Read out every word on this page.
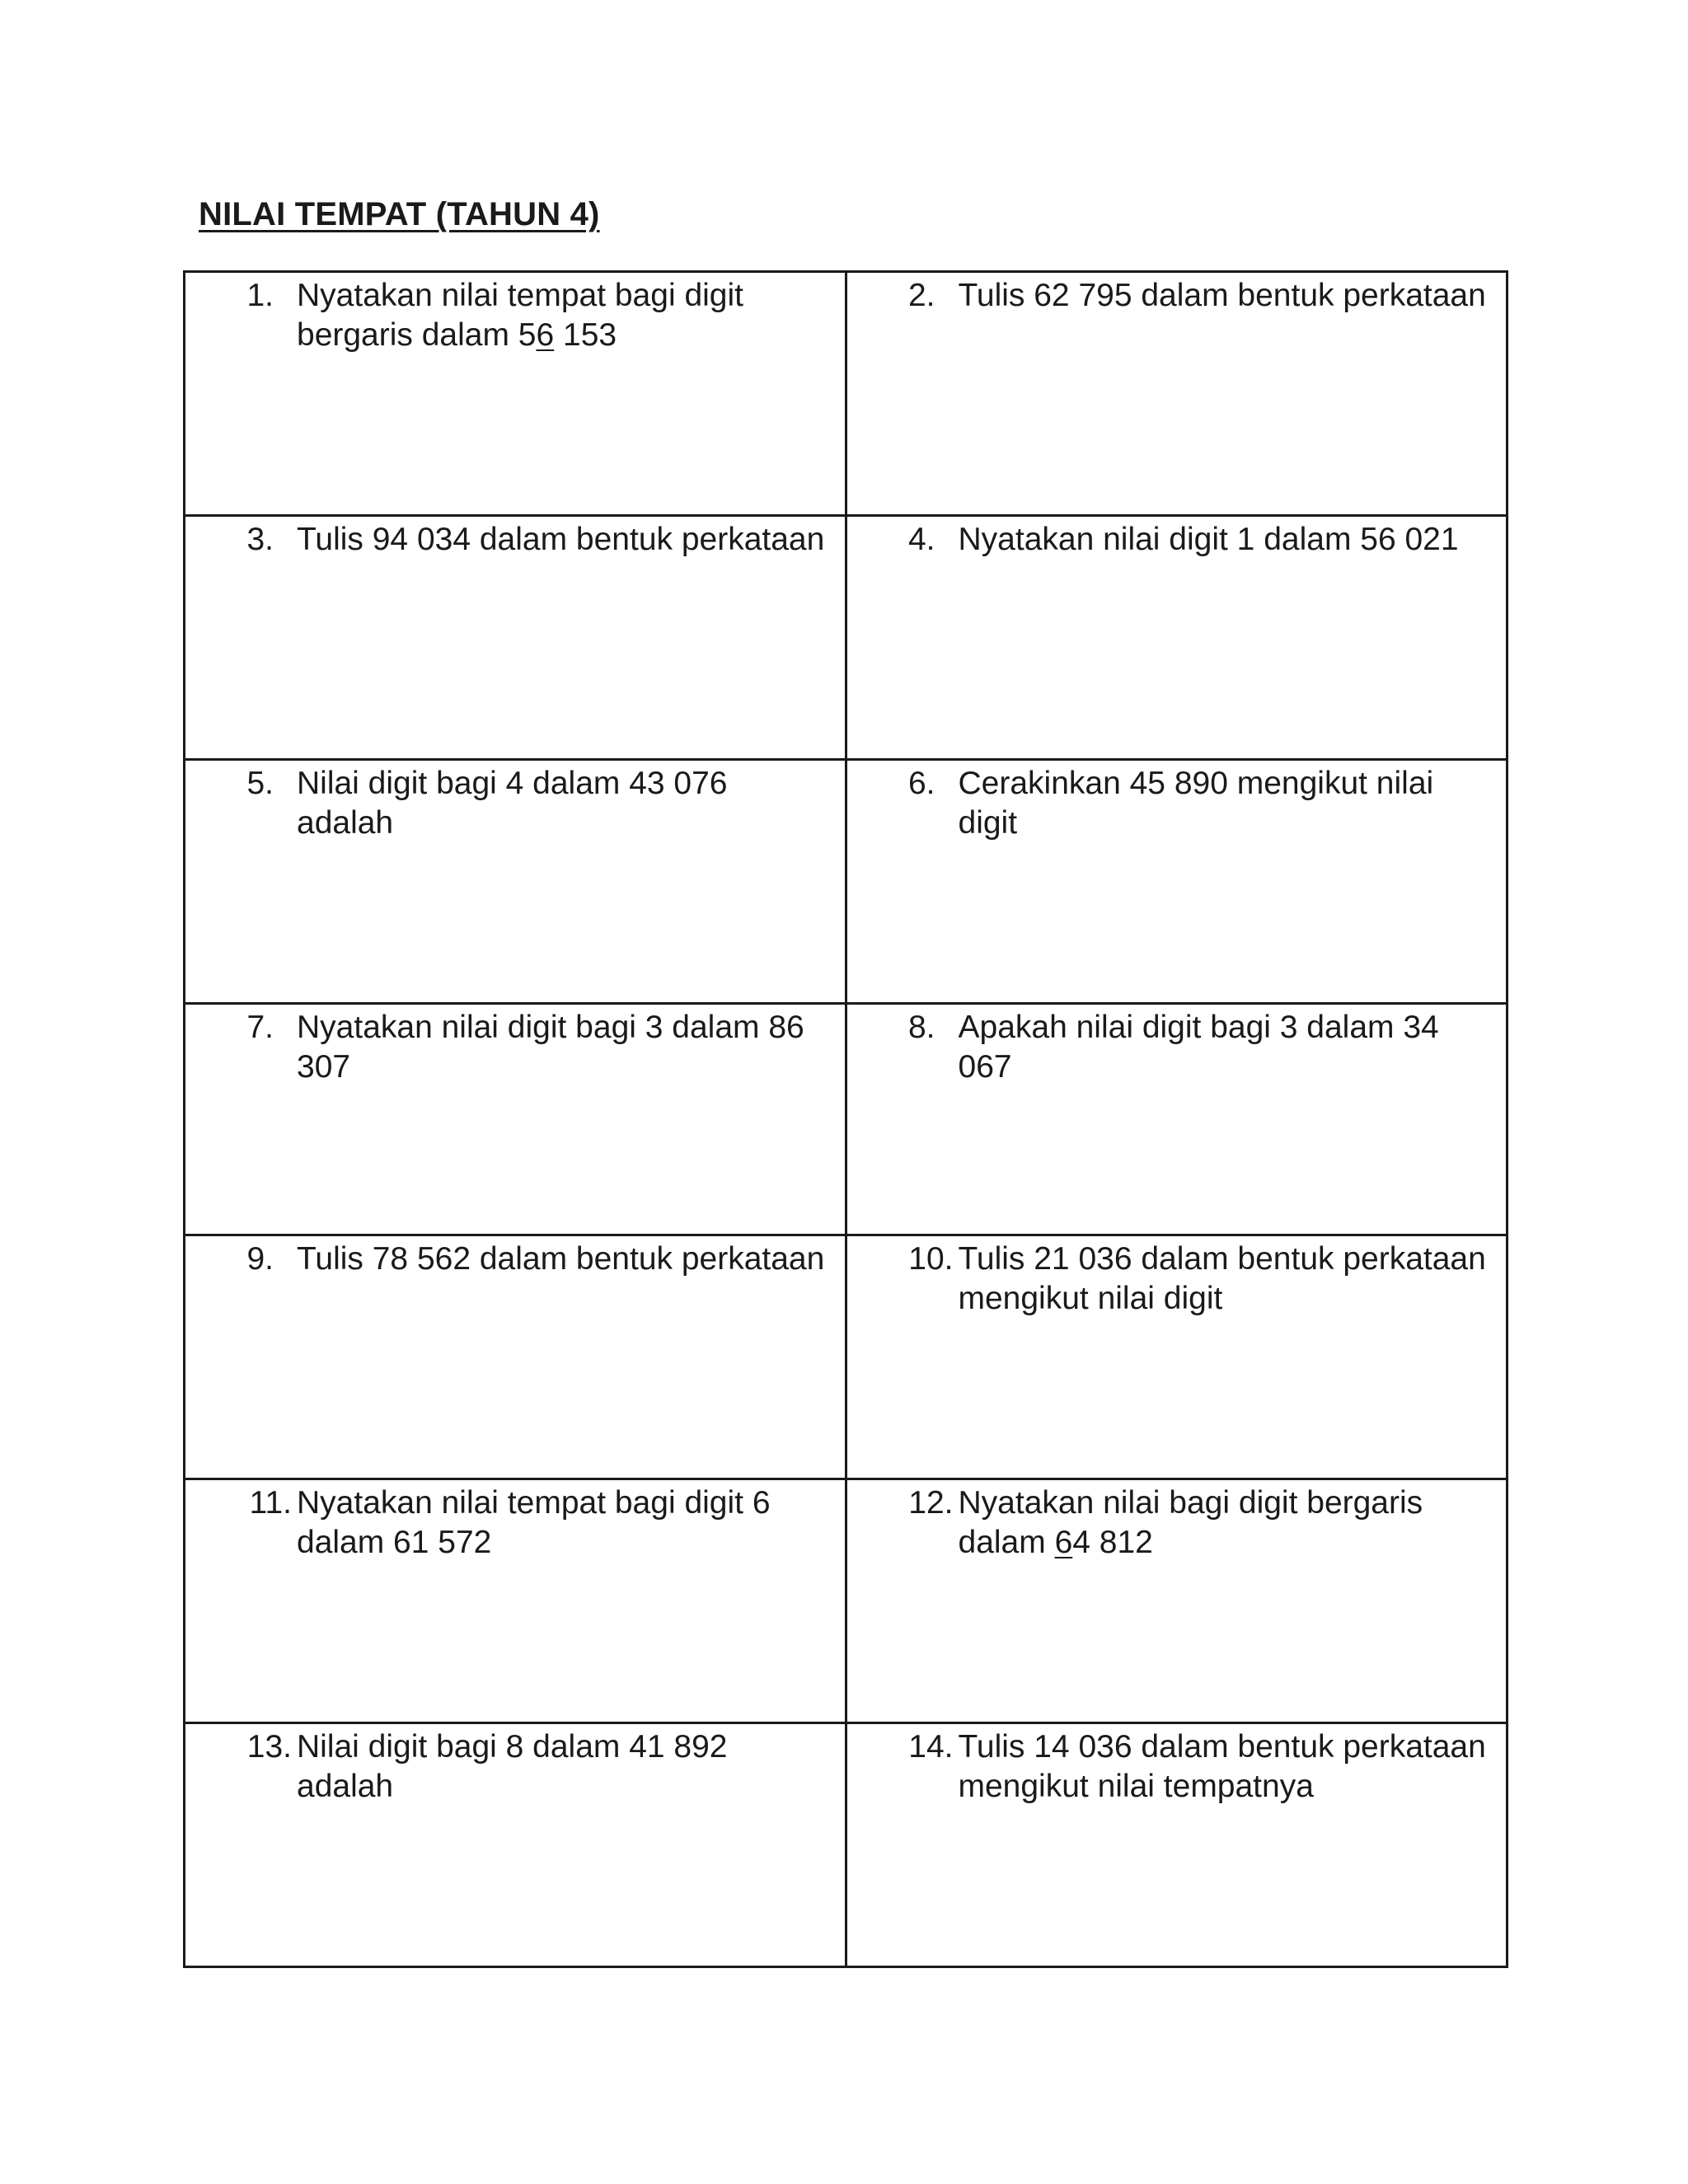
NILAI TEMPAT (TAHUN 4)
1. Nyatakan nilai tempat bagi digit bergaris dalam 56 153	2. Tulis 62 795 dalam bentuk perkataan

3. Tulis 94 034 dalam bentuk perkataan	4. Nyatakan nilai digit 1 dalam 56 021

5. Nilai digit bagi 4 dalam 43 076 adalah	6. Cerakinkan 45 890 mengikut nilai digit

7. Nyatakan nilai digit bagi 3 dalam 86 307	8. Apakah nilai digit bagi 3 dalam 34 067

9. Tulis 78 562 dalam bentuk perkataan	10. Tulis 21 036 dalam bentuk perkataan mengikut nilai digit

11. Nyatakan nilai tempat bagi digit 6 dalam 61 572	12. Nyatakan nilai bagi digit bergaris dalam 64 812

13. Nilai digit bagi 8 dalam 41 892 adalah	14. Tulis 14 036 dalam bentuk perkataan mengikut nilai tempatnya
